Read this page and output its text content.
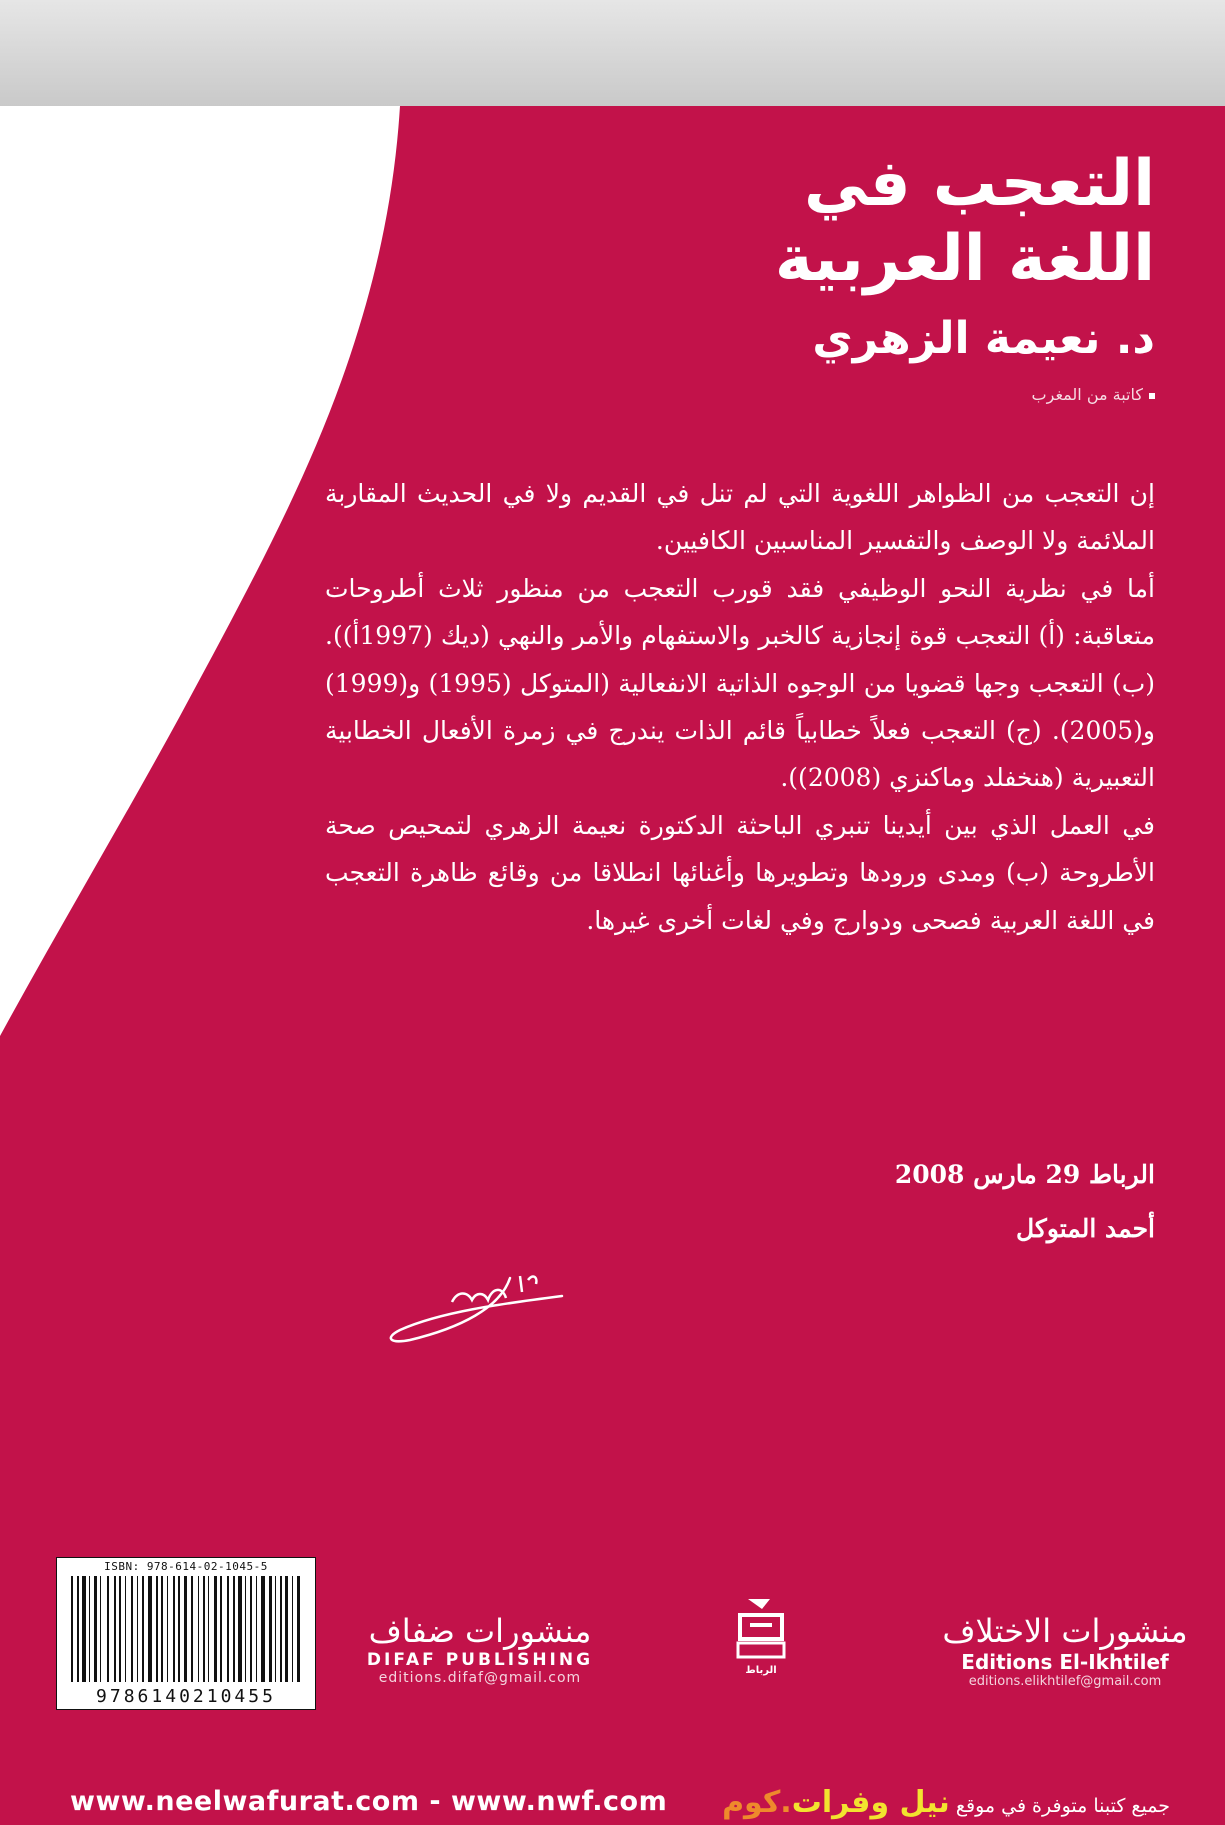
التعجب في
اللغة العربية
د. نعيمة الزهري
كاتبة من المغرب

إن التعجب من الظواهر اللغوية التي لم تنل في القديم ولا في الحديث المقاربة الملائمة ولا الوصف والتفسير المناسبين الكافيين.

أما في نظرية النحو الوظيفي فقد قورب التعجب من منظور ثلاث أطروحات متعاقبة: (أ) التعجب قوة إنجازية كالخبر والاستفهام والأمر والنهي (ديك (1997أ)). (ب) التعجب وجها قضويا من الوجوه الذاتية الانفعالية (المتوكل (1995) و(1999) و(2005). (ج) التعجب فعلاً خطابياً قائم الذات يندرج في زمرة الأفعال الخطابية التعبيرية (هنخفلد وماكنزي (2008)).

في العمل الذي بين أيدينا تنبري الباحثة الدكتورة نعيمة الزهري لتمحيص صحة الأطروحة (ب) ومدى ورودها وتطويرها وأغنائها انطلاقا من وقائع ظاهرة التعجب في اللغة العربية فصحى ودوارج وفي لغات أخرى غيرها.

الرباط 29 مارس 2008
أحمد المتوكل
ISBN: 978-614-02-1045-5
9786140210455
منشورات ضفاف
DIFAF PUBLISHING
editions.difaf@gmail.com	الرباط
منشورات الاختلاف
Editions El-Ikhtilef
editions.elikhtilef@gmail.com
www.neelwafurat.com - www.nwf.com	جميع كتبنا متوفرة في موقع نيل وفرات.كوم
